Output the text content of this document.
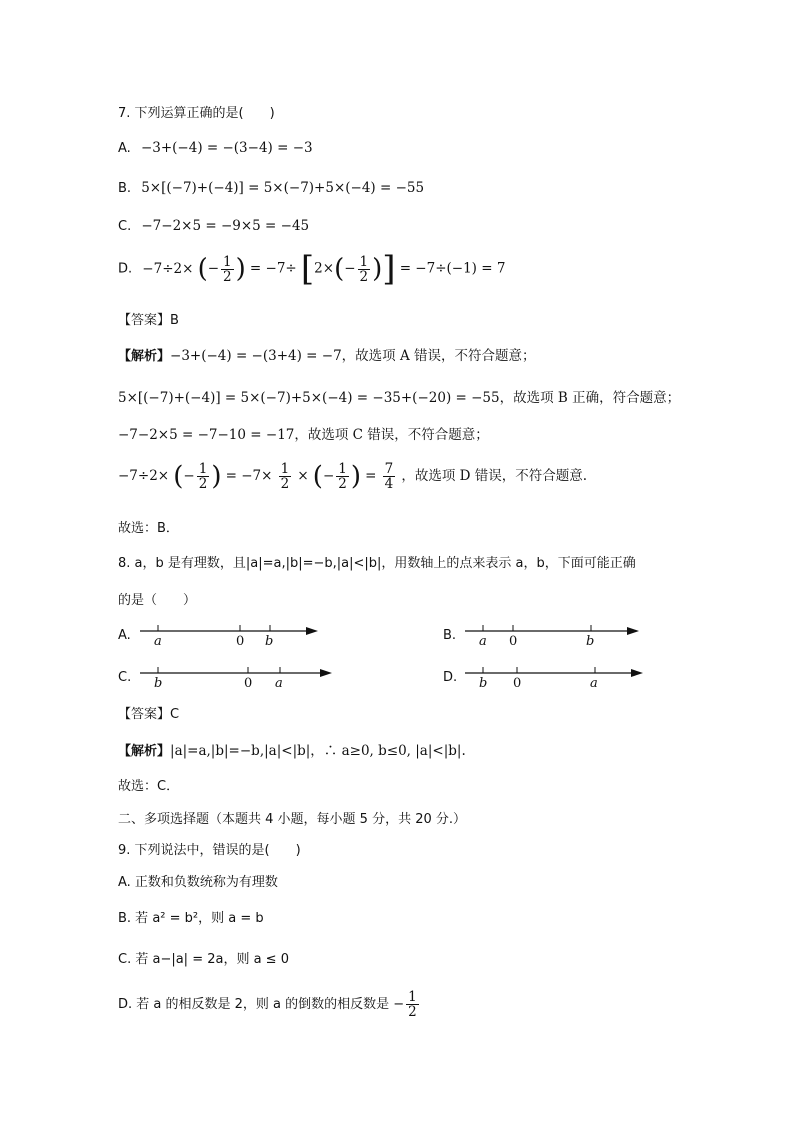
7. 下列运算正确的是(　　)
A. −3+(−4) = −(3−4) = −3
B. 5×[(−7)+(−4)] = 5×(−7)+5×(−4) = −55
C. −7−2×5 = −9×5 = −45
D. −7÷2× (− $\frac{1}{2}$ ) = $-7\div [2\times(- \frac{1}{2}$ )] = −7÷(−1) = 7
【答案】B
【解析】−3+(−4) = −(3+4) = −7，故选项 A 错误，不符合题意；
5×[(−7)+(−4)] = 5×(−7)+5×(−4) = −35+(−20) = −55，故选项 B 正确，符合题意；
−7−2×5 = −7−10 = −17，故选项 C 错误，不符合题意；
−7÷2× (− $\frac{1}{2}$ ) = $-7\times \frac{1}{2}$ × (− $\frac{1}{2}$ ) = $\frac{7}{4}$ ，故选项 D 错误，不符合题意.
故选：B．
8. a，b 是有理数，且|a|=a,|b|=−b,|a|<|b|，用数轴上的点来表示 a，b，下面可能正确
的是（　　）
A. a	0 b	B. a 0	b
C. b	0 a	D. b 0	a
【答案】C
【解析】|a|=a,|b|=−b,|a|<|b|，∴ a≥0, b≤0, |a|<|b|.
故选：C．
二、多项选择题（本题共 4 小题，每小题 5 分，共 20 分.）
9. 下列说法中，错误的是(　　)
A. 正数和负数统称为有理数
B. 若 a² = b²，则 a = b
C. 若 a−|a| = 2a，则 a ≤ 0
D. 若 a 的相反数是 2，则 a 的倒数的相反数是 − $\frac{1}{2}$
